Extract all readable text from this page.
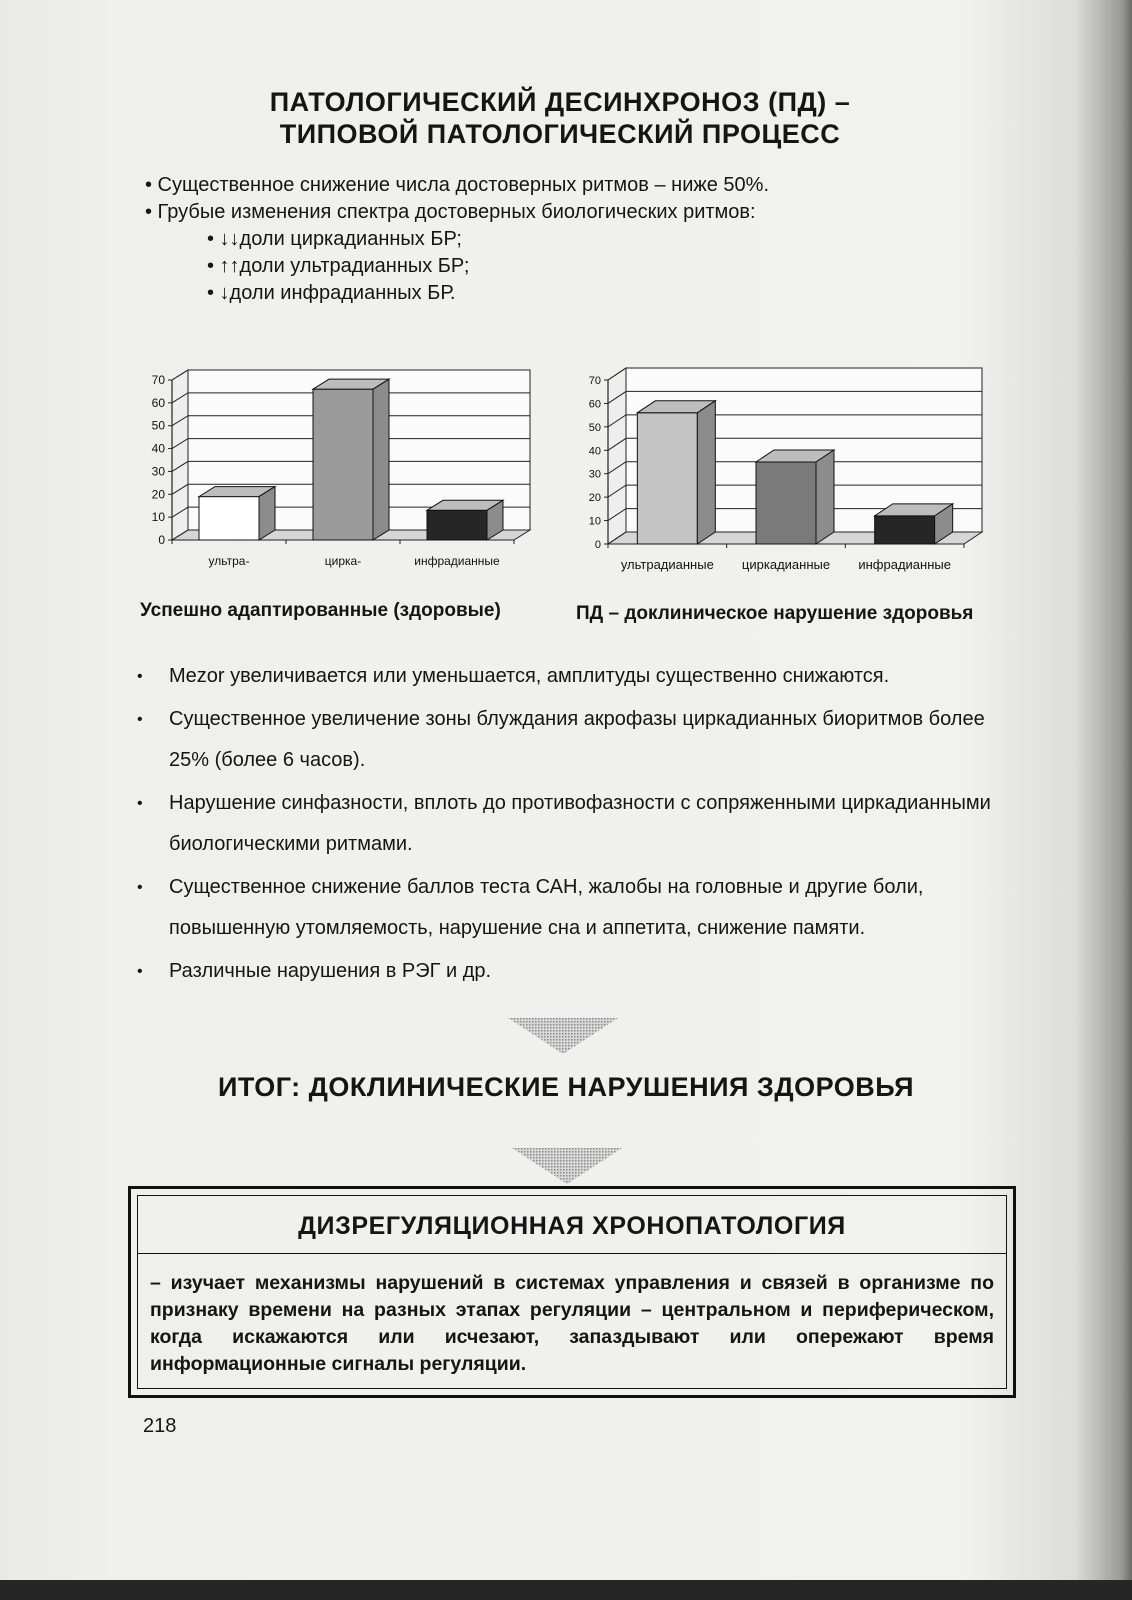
ПАТОЛОГИЧЕСКИЙ ДЕСИНХРОНОЗ (ПД) –
ТИПОВОЙ ПАТОЛОГИЧЕСКИЙ ПРОЦЕСС
• Существенное снижение числа достоверных ритмов – ниже 50%.
• Грубые изменения спектра достоверных биологических ритмов:
• ↓↓доли циркадианных БР;
• ↑↑доли ультрадианных БР;
• ↓доли инфрадианных БР.
0
10
20
30
40
50
60
70
ультра-	цирка-	инфрадианные
0
10
20
30
40
50
60
70
ультрадианные циркадианные инфрадианные
Успешно адаптированные (здоровые)	ПД – доклиническое нарушение здоровья
• Mezor увеличивается или уменьшается, амплитуды существенно снижаются.
• Существенное увеличение зоны блуждания акрофазы циркадианных биоритмов более 25% (более 6 часов).
• Нарушение синфазности, вплоть до противофазности с сопряженными циркадианными биологическими ритмами.
• Существенное снижение баллов теста САН, жалобы на головные и другие боли, повышенную утомляемость, нарушение сна и аппетита, снижение памяти.
• Различные нарушения в РЭГ и др.
ИТОГ: ДОКЛИНИЧЕСКИЕ НАРУШЕНИЯ ЗДОРОВЬЯ
ДИЗРЕГУЛЯЦИОННАЯ ХРОНОПАТОЛОГИЯ
– изучает механизмы нарушений в системах управления и связей в организме по признаку времени на разных этапах регуляции – центральном и периферическом, когда искажаются или исчезают, запаздывают или опережают время информационные сигналы регуляции.
218
